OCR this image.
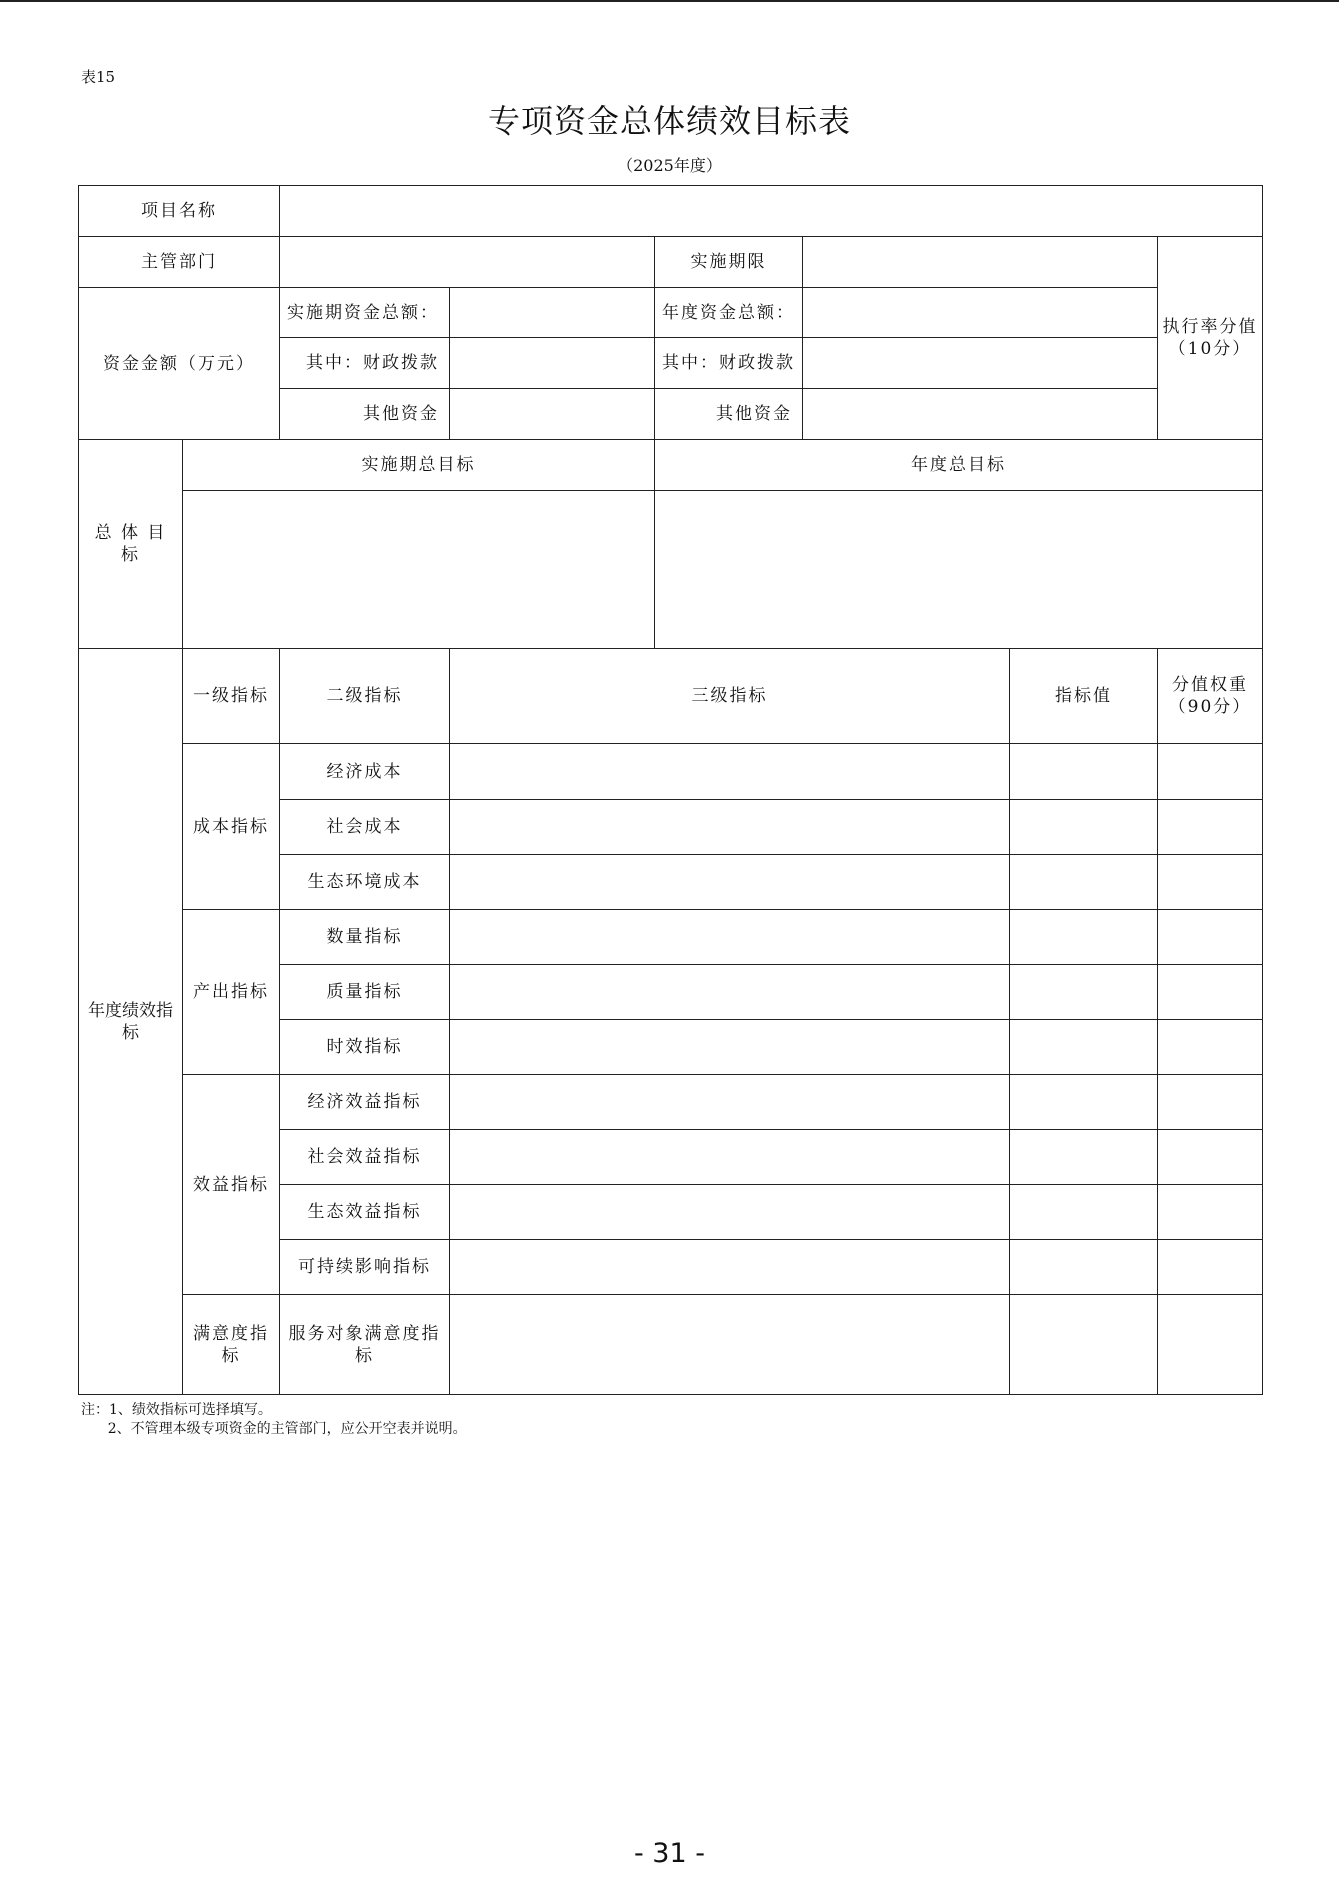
表15
专项资金总体绩效目标表
（2025年度）
项目名称							
主管部门				实施期限			执行率分值（10分）
资金金额（万元）		实施期资金总额：		年度资金总额：			
		其中：财政拨款		其中：财政拨款			
		其他资金		其他资金			
总 体 目 标	实施期总目标			年度总目标			

年度绩效指标	一级指标	二级指标	三级指标			指标值	分值权重（90分）
	成本指标	经济成本					
		社会成本					
		生态环境成本					
	产出指标	数量指标					
		质量指标					
		时效指标					
	效益指标	经济效益指标					
		社会效益指标					
		生态效益指标					
		可持续影响指标					
	满意度指标	服务对象满意度指标					
注：1、绩效指标可选择填写。
2、不管理本级专项资金的主管部门，应公开空表并说明。
- 31 -
